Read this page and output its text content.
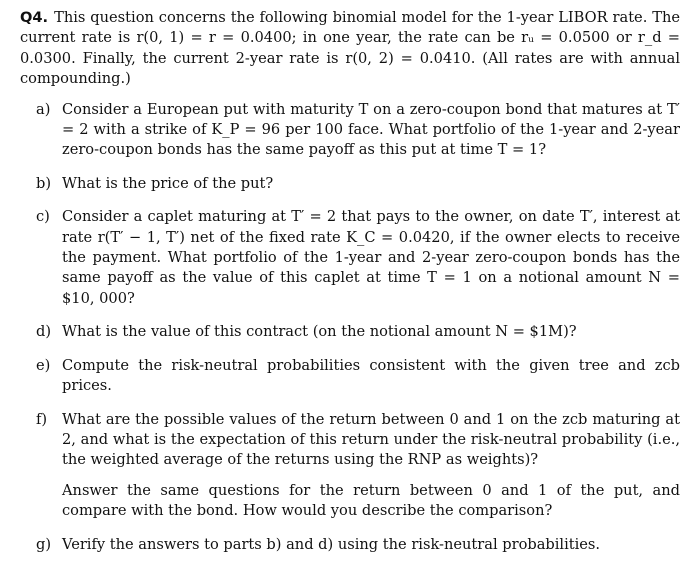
Q4. This question concerns the following binomial model for the 1-year LIBOR rate. The current rate is r(0, 1) = r = 0.0400; in one year, the rate can be rᵤ = 0.0500 or r_d = 0.0300. Finally, the current 2-year rate is r(0, 2) = 0.0410. (All rates are with annual compounding.)

a) Consider a European put with maturity T on a zero-coupon bond that matures at T′ = 2 with a strike of K_P = 96 per 100 face. What portfolio of the 1-year and 2-year zero-coupon bonds has the same payoff as this put at time T = 1?

b) What is the price of the put?

c) Consider a caplet maturing at T′ = 2 that pays to the owner, on date T′, interest at rate r(T′ − 1, T′) net of the fixed rate K_C = 0.0420, if the owner elects to receive the payment. What portfolio of the 1-year and 2-year zero-coupon bonds has the same payoff as the value of this caplet at time T = 1 on a notional amount N = $10, 000?

d) What is the value of this contract (on the notional amount N = $1M)?

e) Compute the risk-neutral probabilities consistent with the given tree and zcb prices.

f) What are the possible values of the return between 0 and 1 on the zcb maturing at 2, and what is the expectation of this return under the risk-neutral probability (i.e., the weighted average of the returns using the RNP as weights)?

Answer the same questions for the return between 0 and 1 of the put, and compare with the bond. How would you describe the comparison?

g) Verify the answers to parts b) and d) using the risk-neutral probabilities.
